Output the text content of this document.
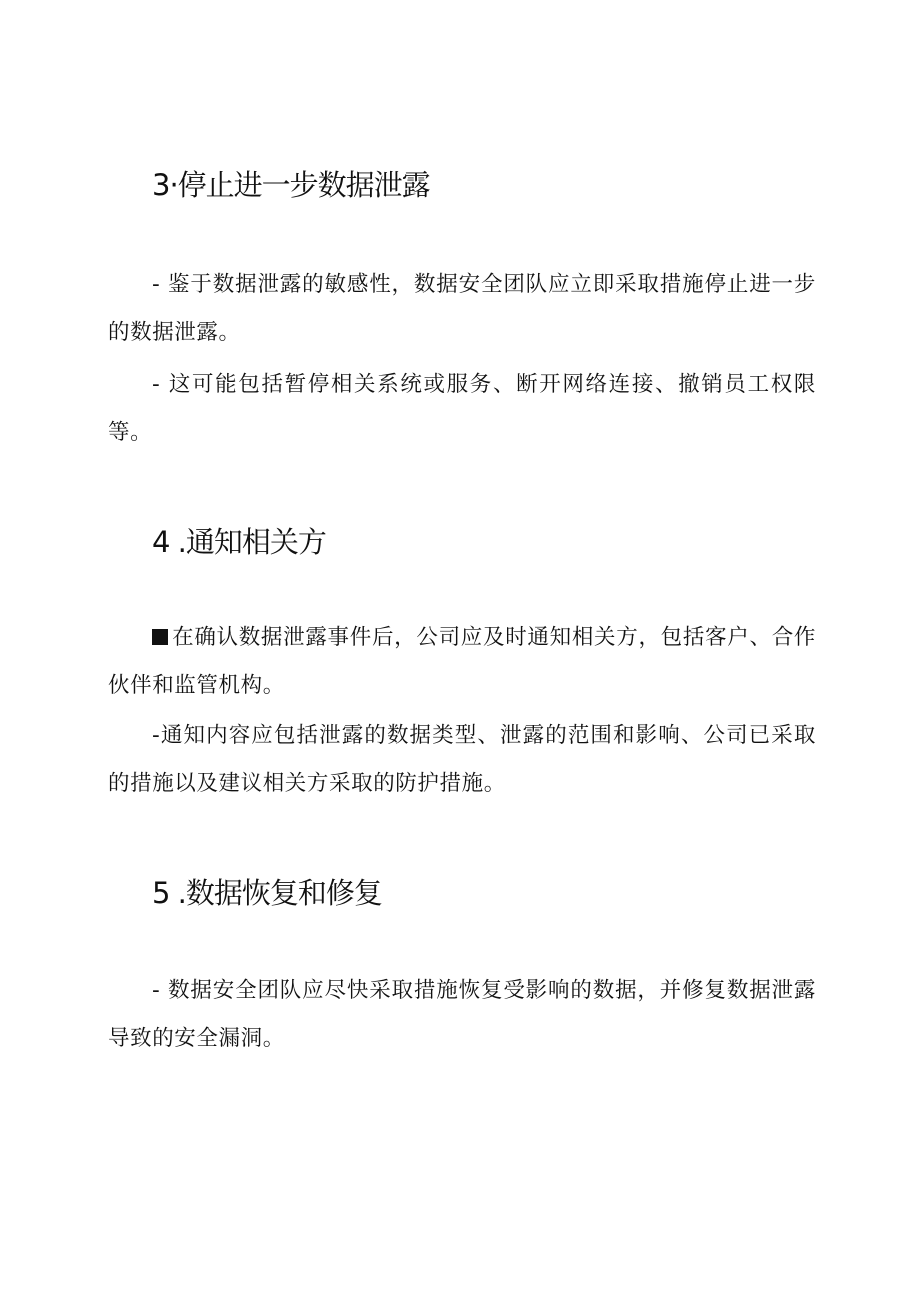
3·停止进一步数据泄露

- 鉴于数据泄露的敏感性，数据安全团队应立即采取措施停止进一步的数据泄露。

- 这可能包括暂停相关系统或服务、断开网络连接、撤销员工权限等。

4 .通知相关方

在确认数据泄露事件后，公司应及时通知相关方，包括客户、合作伙伴和监管机构。

-通知内容应包括泄露的数据类型、泄露的范围和影响、公司已采取的措施以及建议相关方采取的防护措施。

5 .数据恢复和修复

- 数据安全团队应尽快采取措施恢复受影响的数据，并修复数据泄露导致的安全漏洞。
